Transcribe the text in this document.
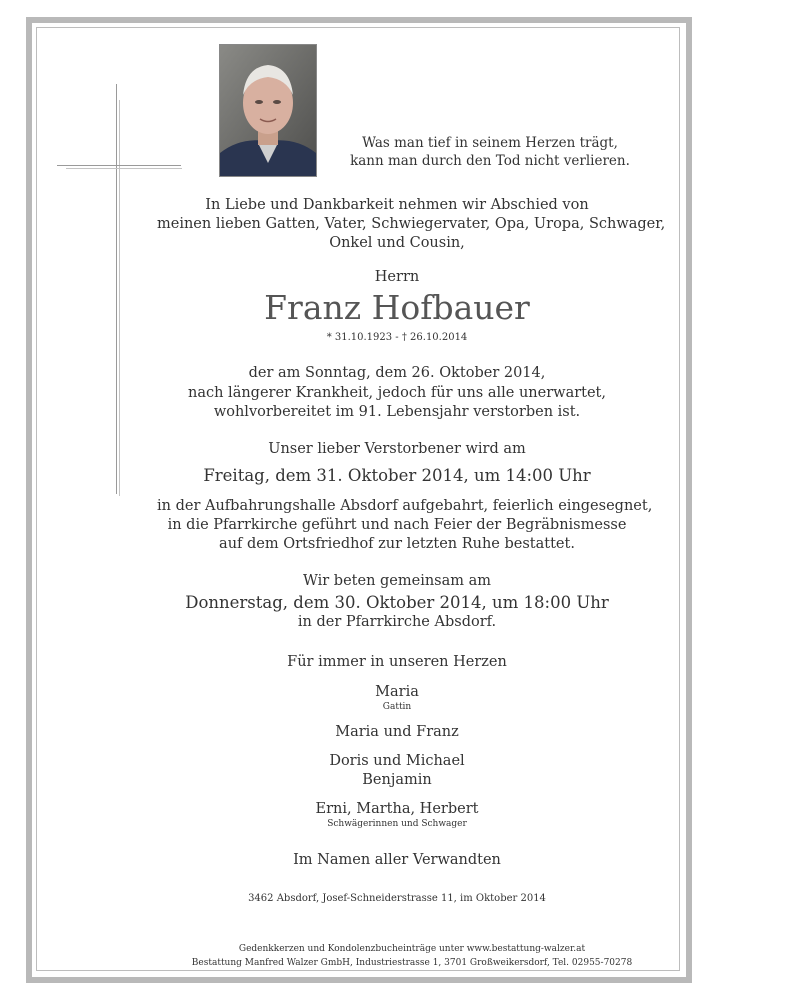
Was man tief in seinem Herzen trägt,
kann man durch den Tod nicht verlieren.
In Liebe und Dankbarkeit nehmen wir Abschied von
meinen lieben Gatten, Vater, Schwiegervater, Opa, Uropa, Schwager,
Onkel und Cousin,
Herrn
Franz Hofbauer
* 31.10.1923 - † 26.10.2014
der am Sonntag, dem 26. Oktober 2014,
nach längerer Krankheit, jedoch für uns alle unerwartet,
wohlvorbereitet im 91. Lebensjahr verstorben ist.
Unser lieber Verstorbener wird am
Freitag, dem 31. Oktober 2014, um 14:00 Uhr
in der Aufbahrungshalle Absdorf aufgebahrt, feierlich eingesegnet,
in die Pfarrkirche geführt und nach Feier der Begräbnismesse
auf dem Ortsfriedhof zur letzten Ruhe bestattet.
Wir beten gemeinsam am
Donnerstag, dem 30. Oktober 2014, um 18:00 Uhr
in der Pfarrkirche Absdorf.
Für immer in unseren Herzen
Maria
Gattin
Maria und Franz
Doris und Michael
Benjamin
Erni, Martha, Herbert
Schwägerinnen und Schwager
Im Namen aller Verwandten
3462 Absdorf, Josef-Schneiderstrasse 11, im Oktober 2014
Gedenkkerzen und Kondolenzbucheinträge unter www.bestattung-walzer.at
Bestattung Manfred Walzer GmbH, Industriestrasse 1, 3701 Großweikersdorf, Tel. 02955-70278
